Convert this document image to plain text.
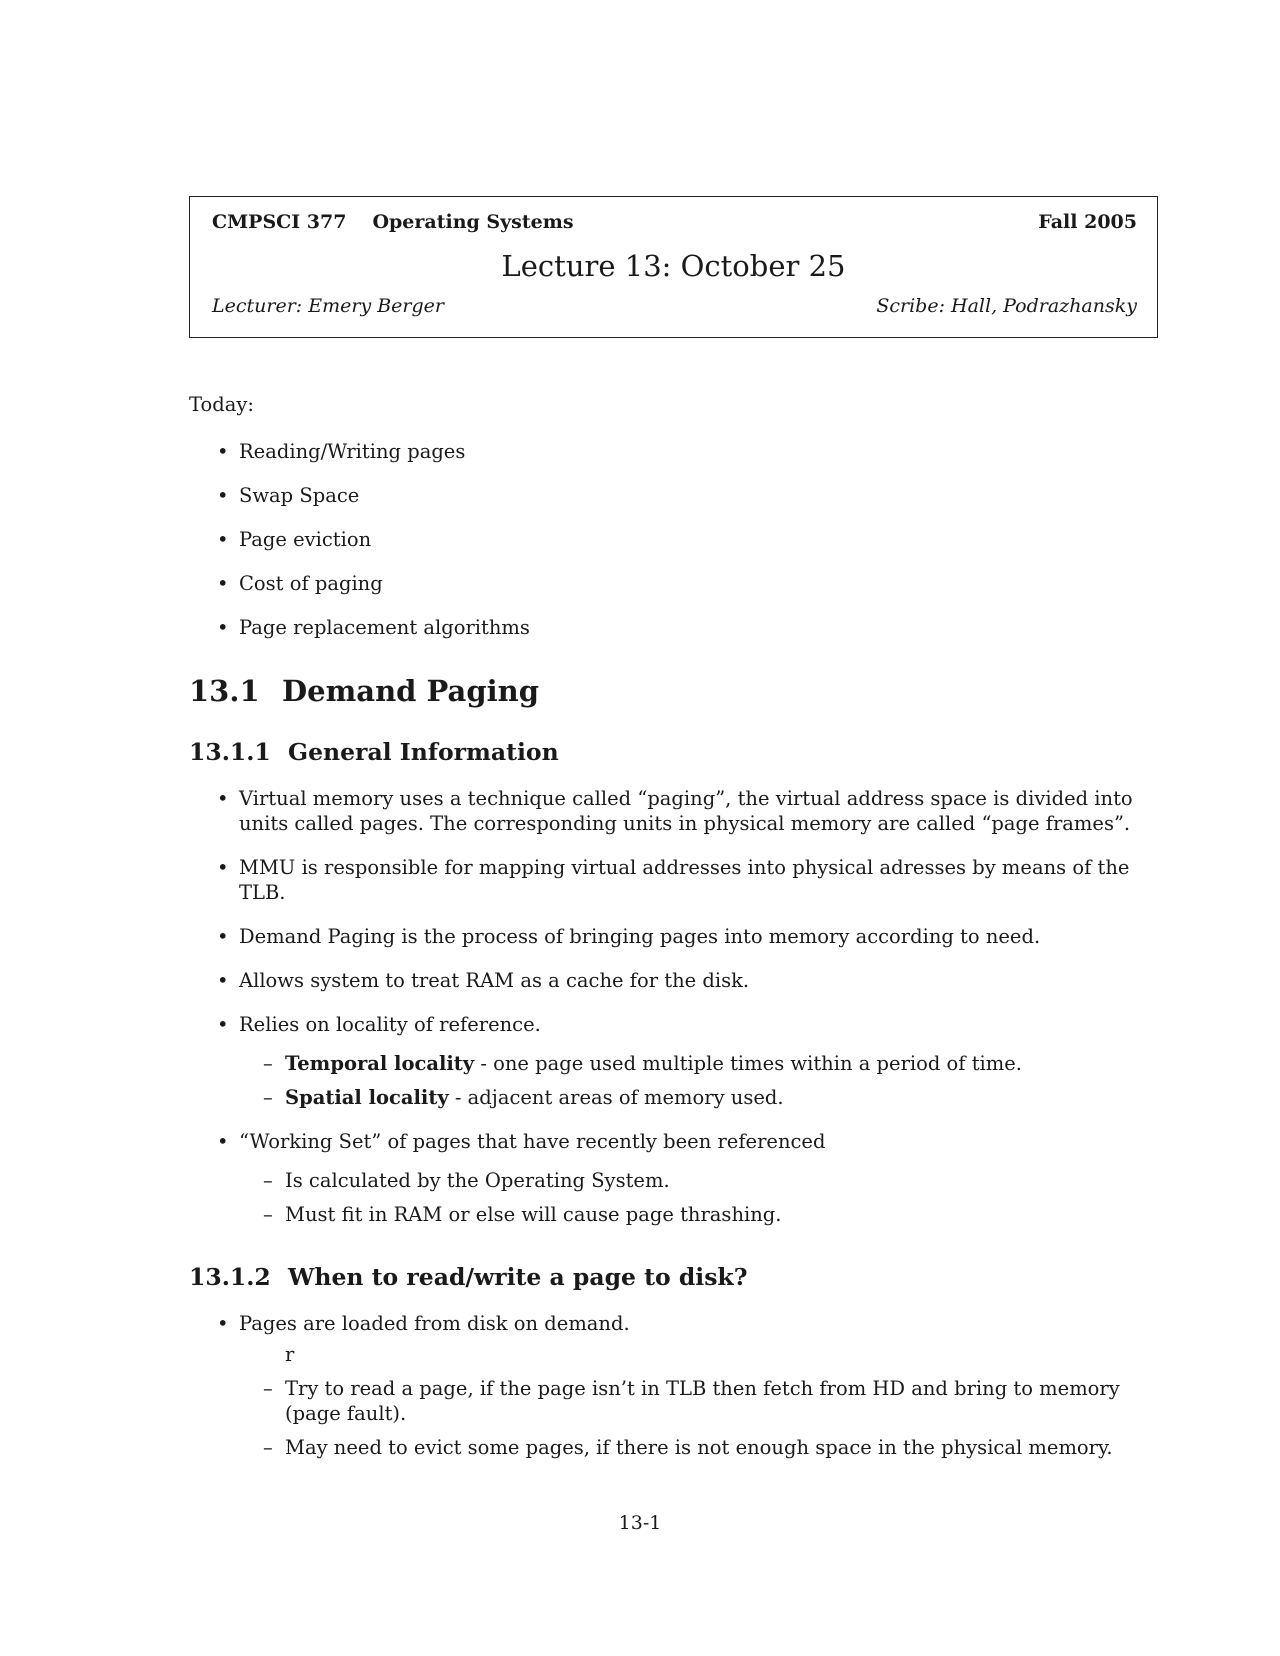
CMPSCI 377 Operating Systems	Fall 2005
Lecture 13: October 25
Lecturer: Emery Berger	Scribe: Hall, Podrazhansky

Today:

• Reading/Writing pages
• Swap Space
• Page eviction
• Cost of paging
• Page replacement algorithms
13.1 Demand Paging
13.1.1 General Information
• Virtual memory uses a technique called “paging”, the virtual address space is divided into units called pages. The corresponding units in physical memory are called “page frames”.
• MMU is responsible for mapping virtual addresses into physical adresses by means of the TLB.
• Demand Paging is the process of bringing pages into memory according to need.
• Allows system to treat RAM as a cache for the disk.
• Relies on locality of reference.
– Temporal locality - one page used multiple times within a period of time.
– Spatial locality - adjacent areas of memory used.
• “Working Set” of pages that have recently been referenced
– Is calculated by the Operating System.
– Must fit in RAM or else will cause page thrashing.
13.1.2 When to read/write a page to disk?
• Pages are loaded from disk on demand.
r
– Try to read a page, if the page isn’t in TLB then fetch from HD and bring to memory (page fault).
– May need to evict some pages, if there is not enough space in the physical memory.
13-1
